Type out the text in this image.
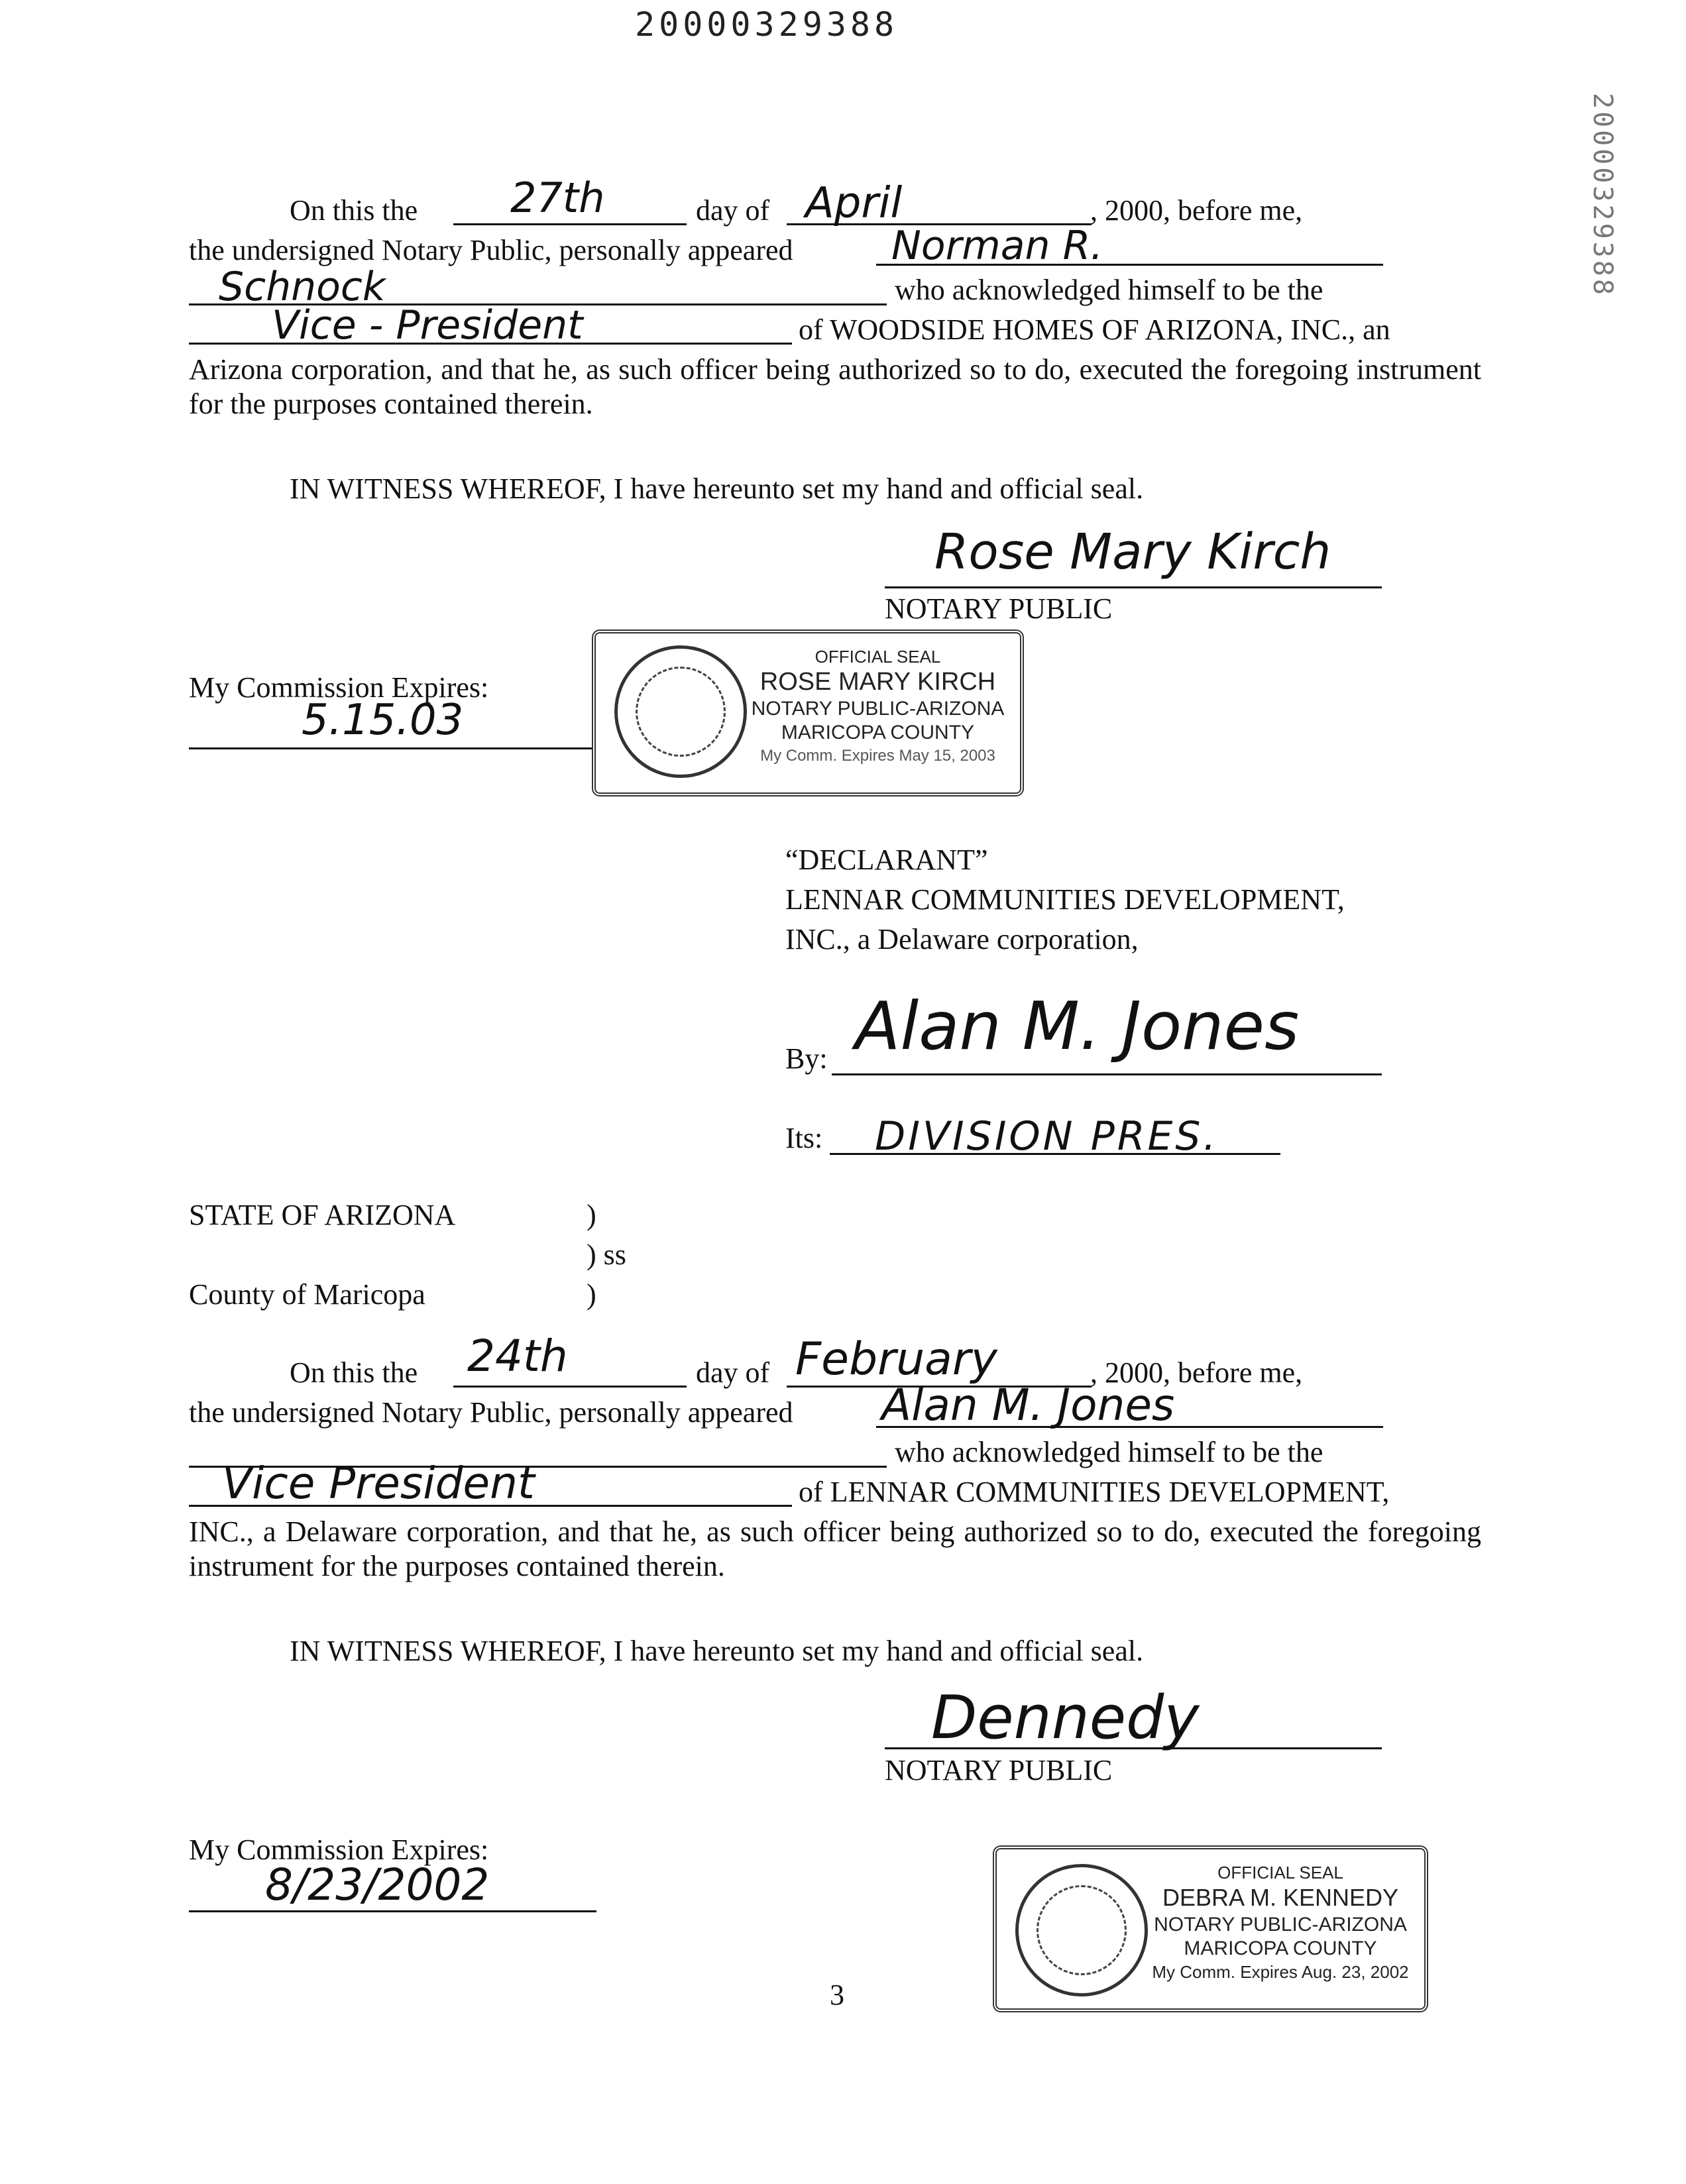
20000329388
20000329388
On this the 27th	day of April	, 2000, before me,
the undersigned Notary Public, personally appeared Norman R.
Schnock	who acknowledged himself to be the
Vice - President	of WOODSIDE HOMES OF ARIZONA, INC., an
Arizona corporation, and that he, as such officer being authorized so to do, executed the foregoing instrument for the purposes contained therein.
IN WITNESS WHEREOF, I have hereunto set my hand and official seal.
Rose Mary Kirch
NOTARY PUBLIC
My Commission Expires:
5.15.03
OFFICIAL SEAL
ROSE MARY KIRCH
NOTARY PUBLIC-ARIZONA
MARICOPA COUNTY
My Comm. Expires May 15, 2003
“DECLARANT”
LENNAR COMMUNITIES DEVELOPMENT,
INC., a Delaware corporation,
By: Alan M. Jones
Its: DIVISION PRES.
STATE OF ARIZONA	)
) ss
County of Maricopa	)
On this the 24th	day of February	, 2000, before me,
the undersigned Notary Public, personally appeared Alan M. Jones
who acknowledged himself to be the
Vice President	of LENNAR COMMUNITIES DEVELOPMENT,
INC., a Delaware corporation, and that he, as such officer being authorized so to do, executed the foregoing instrument for the purposes contained therein.
IN WITNESS WHEREOF, I have hereunto set my hand and official seal.
Dennedy
NOTARY PUBLIC
My Commission Expires:
8/23/2002	OFFICIAL SEAL
DEBRA M. KENNEDY
NOTARY PUBLIC-ARIZONA
MARICOPA COUNTY
My Comm. Expires Aug. 23, 2002
3
